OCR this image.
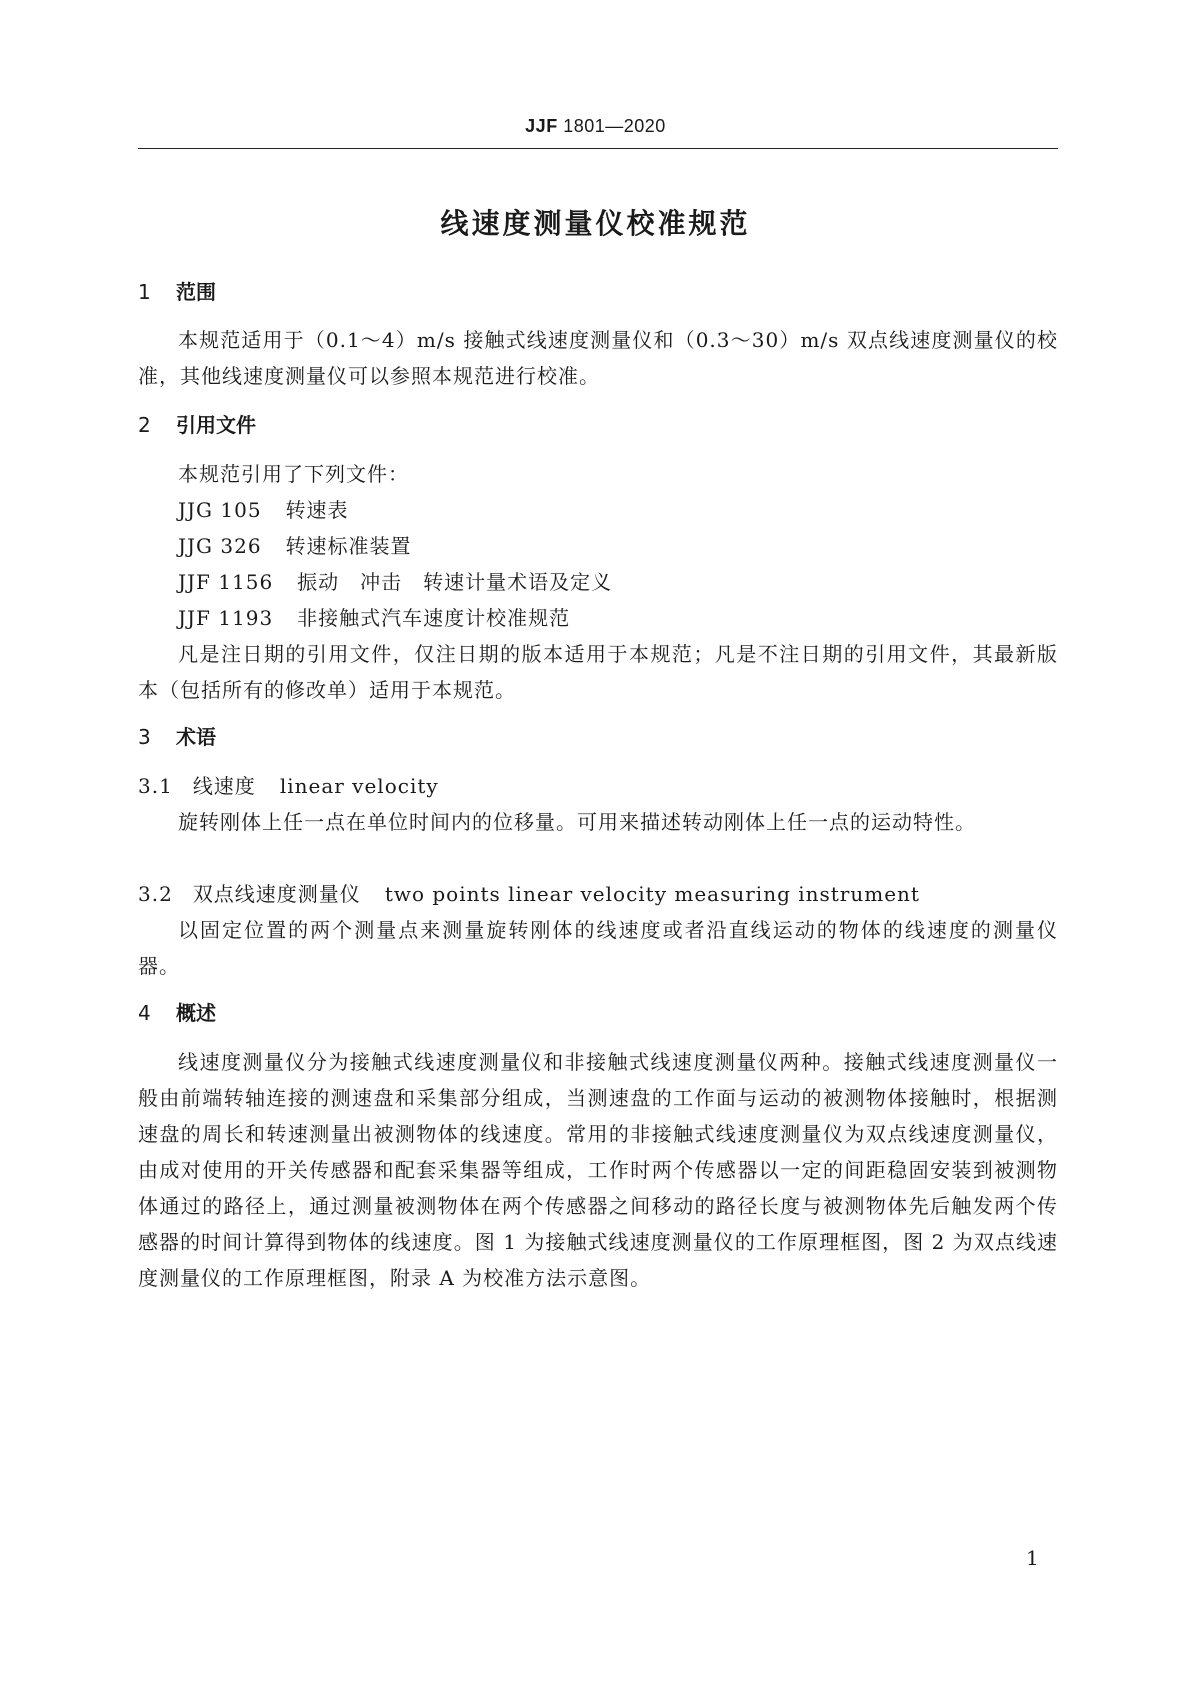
JJF 1801—2020
线速度测量仪校准规范
1 范围

本规范适用于（0.1～4）m/s 接触式线速度测量仪和（0.3～30）m/s 双点线速度测量仪的校准，其他线速度测量仪可以参照本规范进行校准。

2 引用文件
本规范引用了下列文件：
JJG 105 转速表
JJG 326 转速标准装置
JJF 1156 振动　冲击　转速计量术语及定义
JJF 1193 非接触式汽车速度计校准规范

凡是注日期的引用文件，仅注日期的版本适用于本规范；凡是不注日期的引用文件，其最新版本（包括所有的修改单）适用于本规范。

3 术语
3.1 线速度 linear velocity

旋转刚体上任一点在单位时间内的位移量。可用来描述转动刚体上任一点的运动特性。

3.2 双点线速度测量仪 two points linear velocity measuring instrument

以固定位置的两个测量点来测量旋转刚体的线速度或者沿直线运动的物体的线速度的测量仪器。

4 概述

线速度测量仪分为接触式线速度测量仪和非接触式线速度测量仪两种。接触式线速度测量仪一般由前端转轴连接的测速盘和采集部分组成，当测速盘的工作面与运动的被测物体接触时，根据测速盘的周长和转速测量出被测物体的线速度。常用的非接触式线速度测量仪为双点线速度测量仪，由成对使用的开关传感器和配套采集器等组成，工作时两个传感器以一定的间距稳固安装到被测物体通过的路径上，通过测量被测物体在两个传感器之间移动的路径长度与被测物体先后触发两个传感器的时间计算得到物体的线速度。图 1 为接触式线速度测量仪的工作原理框图，图 2 为双点线速度测量仪的工作原理框图，附录 A 为校准方法示意图。

1
